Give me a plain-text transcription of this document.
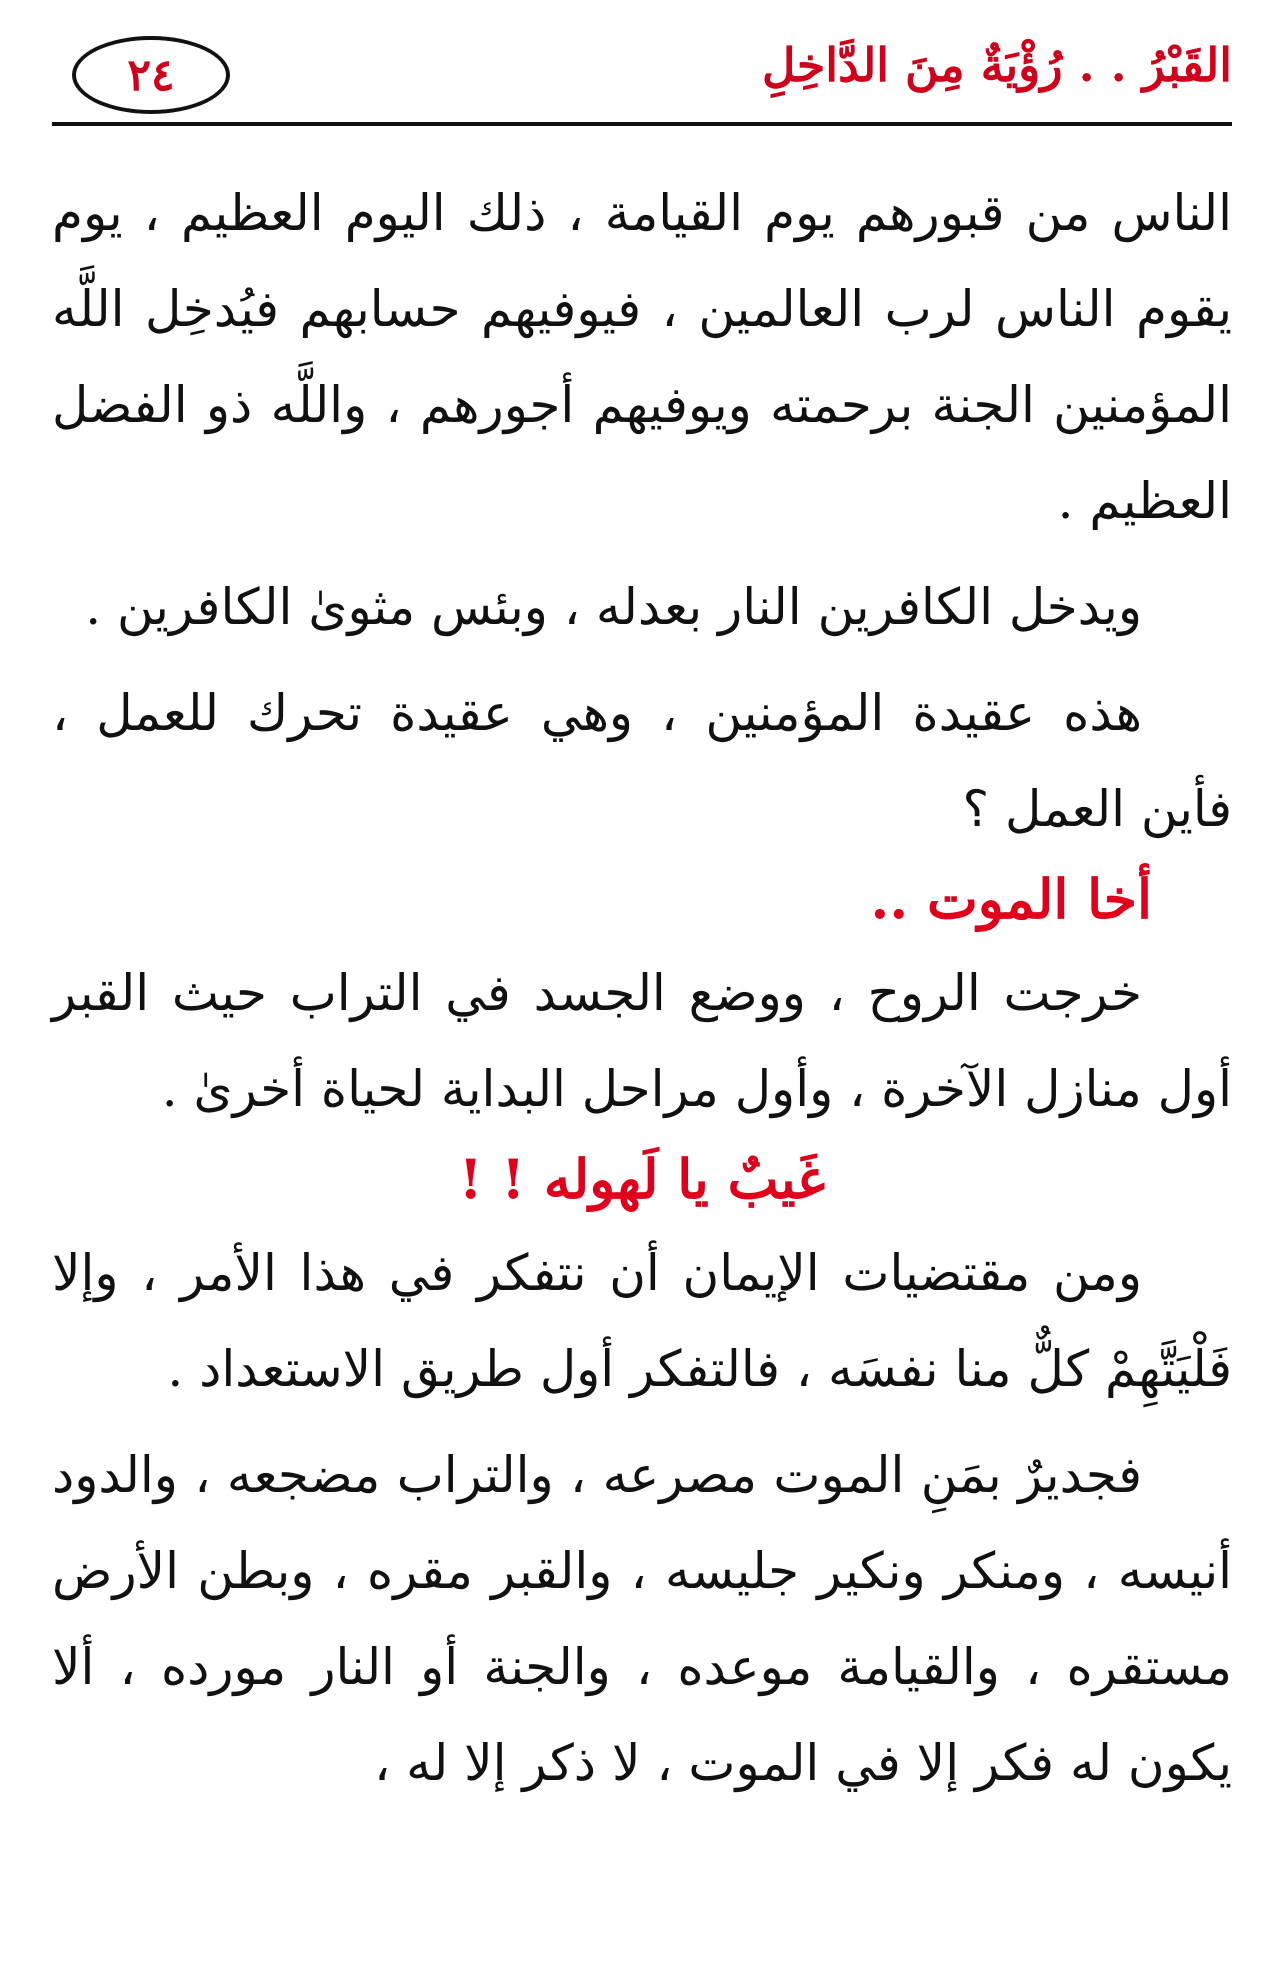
٢٤	القَبْرُ . . رُؤْيَةٌ مِنَ الدَّاخِلِ

الناس من قبورهم يوم القيامة ، ذلك اليوم العظيم ، يوم يقوم الناس لرب العالمين ، فيوفيهم حسابهم فيُدخِل اللَّه المؤمنين الجنة برحمته ويوفيهم أجورهم ، واللَّه ذو الفضل العظيم .

ويدخل الكافرين النار بعدله ، وبئس مثوىٰ الكافرين .

هذه عقيدة المؤمنين ، وهي عقيدة تحرك للعمل ، فأين العمل ؟

أخا الموت ..

خرجت الروح ، ووضع الجسد في التراب حيث القبر أول منازل الآخرة ، وأول مراحل البداية لحياة أخرىٰ .

غَيبٌ يا لَهوله ! !

ومن مقتضيات الإيمان أن نتفكر في هذا الأمر ، وإلا فَلْيَتَّهِمْ كلٌّ منا نفسَه ، فالتفكر أول طريق الاستعداد .

فجديرٌ بمَنِ الموت مصرعه ، والتراب مضجعه ، والدود أنيسه ، ومنكر ونكير جليسه ، والقبر مقره ، وبطن الأرض مستقره ، والقيامة موعده ، والجنة أو النار مورده ، ألا يكون له فكر إلا في الموت ، لا ذكر إلا له ،
